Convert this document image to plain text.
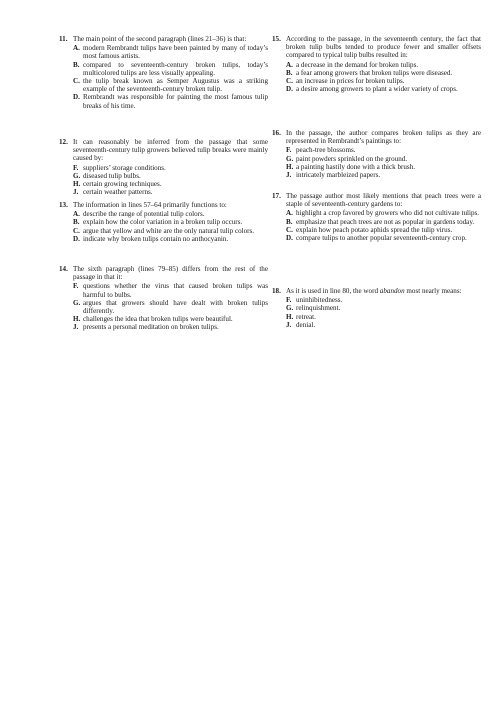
11. The main point of the second paragraph (lines 21–36) is that:

A. modern Rembrandt tulips have been painted by many of today’s most famous artists.
B. compared to seventeenth-century broken tulips, today’s multicolored tulips are less visually appealing.
C. the tulip break known as Semper Augustus was a striking example of the seventeenth-century broken tulip.
D. Rembrandt was responsible for painting the most famous tulip breaks of his time.
12. It can reasonably be inferred from the passage that some seventeenth-century tulip growers believed tulip breaks were mainly caused by:

F. suppliers’ storage conditions.
G. diseased tulip bulbs.
H. certain growing techniques.
J. certain weather patterns.
13. The information in lines 57–64 primarily functions to:

A. describe the range of potential tulip colors.
B. explain how the color variation in a broken tulip occurs.
C. argue that yellow and white are the only natural tulip colors.
D. indicate why broken tulips contain no anthocyanin.
14. The sixth paragraph (lines 79–85) differs from the rest of the passage in that it:

F. questions whether the virus that caused broken tulips was harmful to bulbs.
G. argues that growers should have dealt with broken tulips differently.
H. challenges the idea that broken tulips were beautiful.
J. presents a personal meditation on broken tulips.
15. According to the passage, in the seventeenth century, the fact that broken tulip bulbs tended to produce fewer and smaller offsets compared to typical tulip bulbs resulted in:

A. a decrease in the demand for broken tulips.
B. a fear among growers that broken tulips were diseased.
C. an increase in prices for broken tulips.
D. a desire among growers to plant a wider variety of crops.
16. In the passage, the author compares broken tulips as they are represented in Rembrandt’s paintings to:

F. peach-tree blossoms.
G. paint powders sprinkled on the ground.
H. a painting hastily done with a thick brush.
J. intricately marbleized papers.
17. The passage author most likely mentions that peach trees were a staple of seventeenth-century gardens to:

A. highlight a crop favored by growers who did not cultivate tulips.
B. emphasize that peach trees are not as popular in gardens today.
C. explain how peach potato aphids spread the tulip virus.
D. compare tulips to another popular seventeenth-century crop.
18. As it is used in line 80, the word abandon most nearly means:

F. uninhibitedness.
G. relinquishment.
H. retreat.
J. denial.
